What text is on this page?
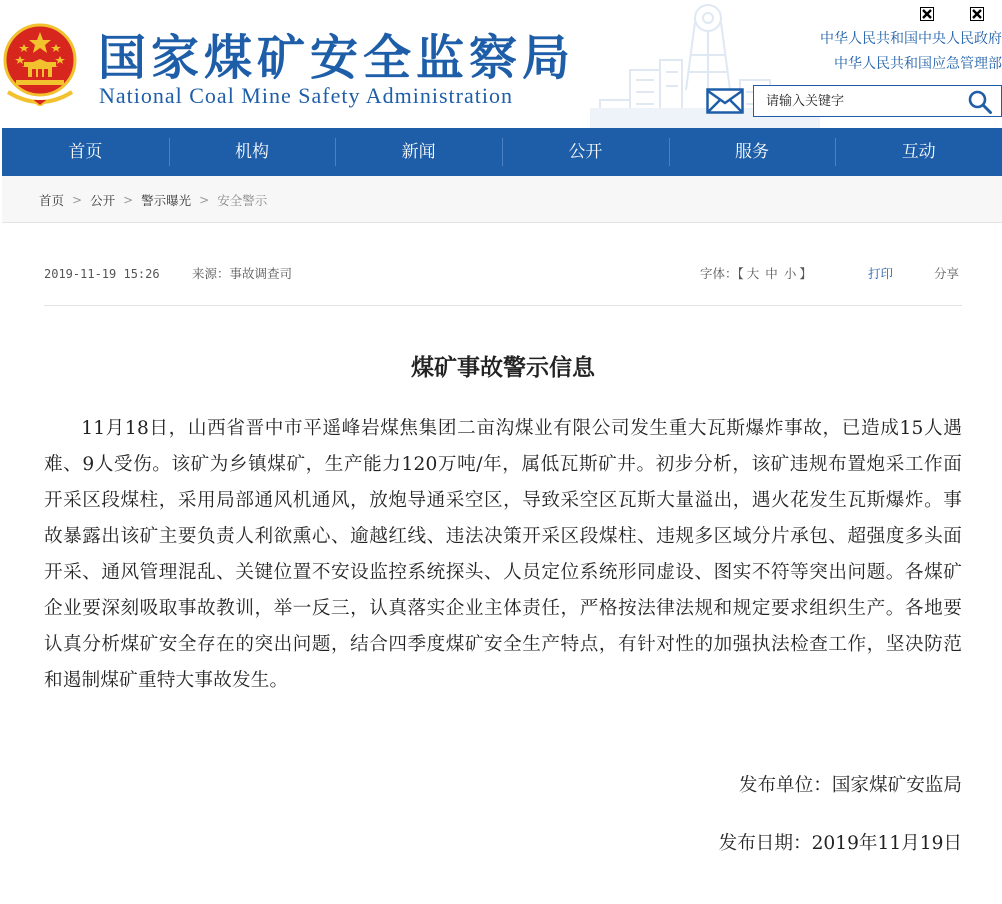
国家煤矿安全监察局
National Coal Mine Safety Administration
中华人民共和国中央人民政府
中华人民共和国应急管理部
请输入关键字
首页	机构	新闻	公开	服务	互动
首页 > 公开 > 警示曝光 > 安全警示
2019-11-19 15:26	来源：事故调查司	字体：【 大 中 小 】	打印	分享
煤矿事故警示信息

11月18日，山西省晋中市平遥峰岩煤焦集团二亩沟煤业有限公司发生重大瓦斯爆炸事故，已造成15人遇难、9人受伤。该矿为乡镇煤矿，生产能力120万吨/年，属低瓦斯矿井。初步分析，该矿违规布置炮采工作面开采区段煤柱，采用局部通风机通风，放炮导通采空区，导致采空区瓦斯大量溢出，遇火花发生瓦斯爆炸。事故暴露出该矿主要负责人利欲熏心、逾越红线、违法决策开采区段煤柱、违规多区域分片承包、超强度多头面开采、通风管理混乱、关键位置不安设监控系统探头、人员定位系统形同虚设、图实不符等突出问题。各煤矿企业要深刻吸取事故教训，举一反三，认真落实企业主体责任，严格按法律法规和规定要求组织生产。各地要认真分析煤矿安全存在的突出问题，结合四季度煤矿安全生产特点，有针对性的加强执法检查工作，坚决防范和遏制煤矿重特大事故发生。

发布单位：国家煤矿安监局
发布日期：2019年11月19日
